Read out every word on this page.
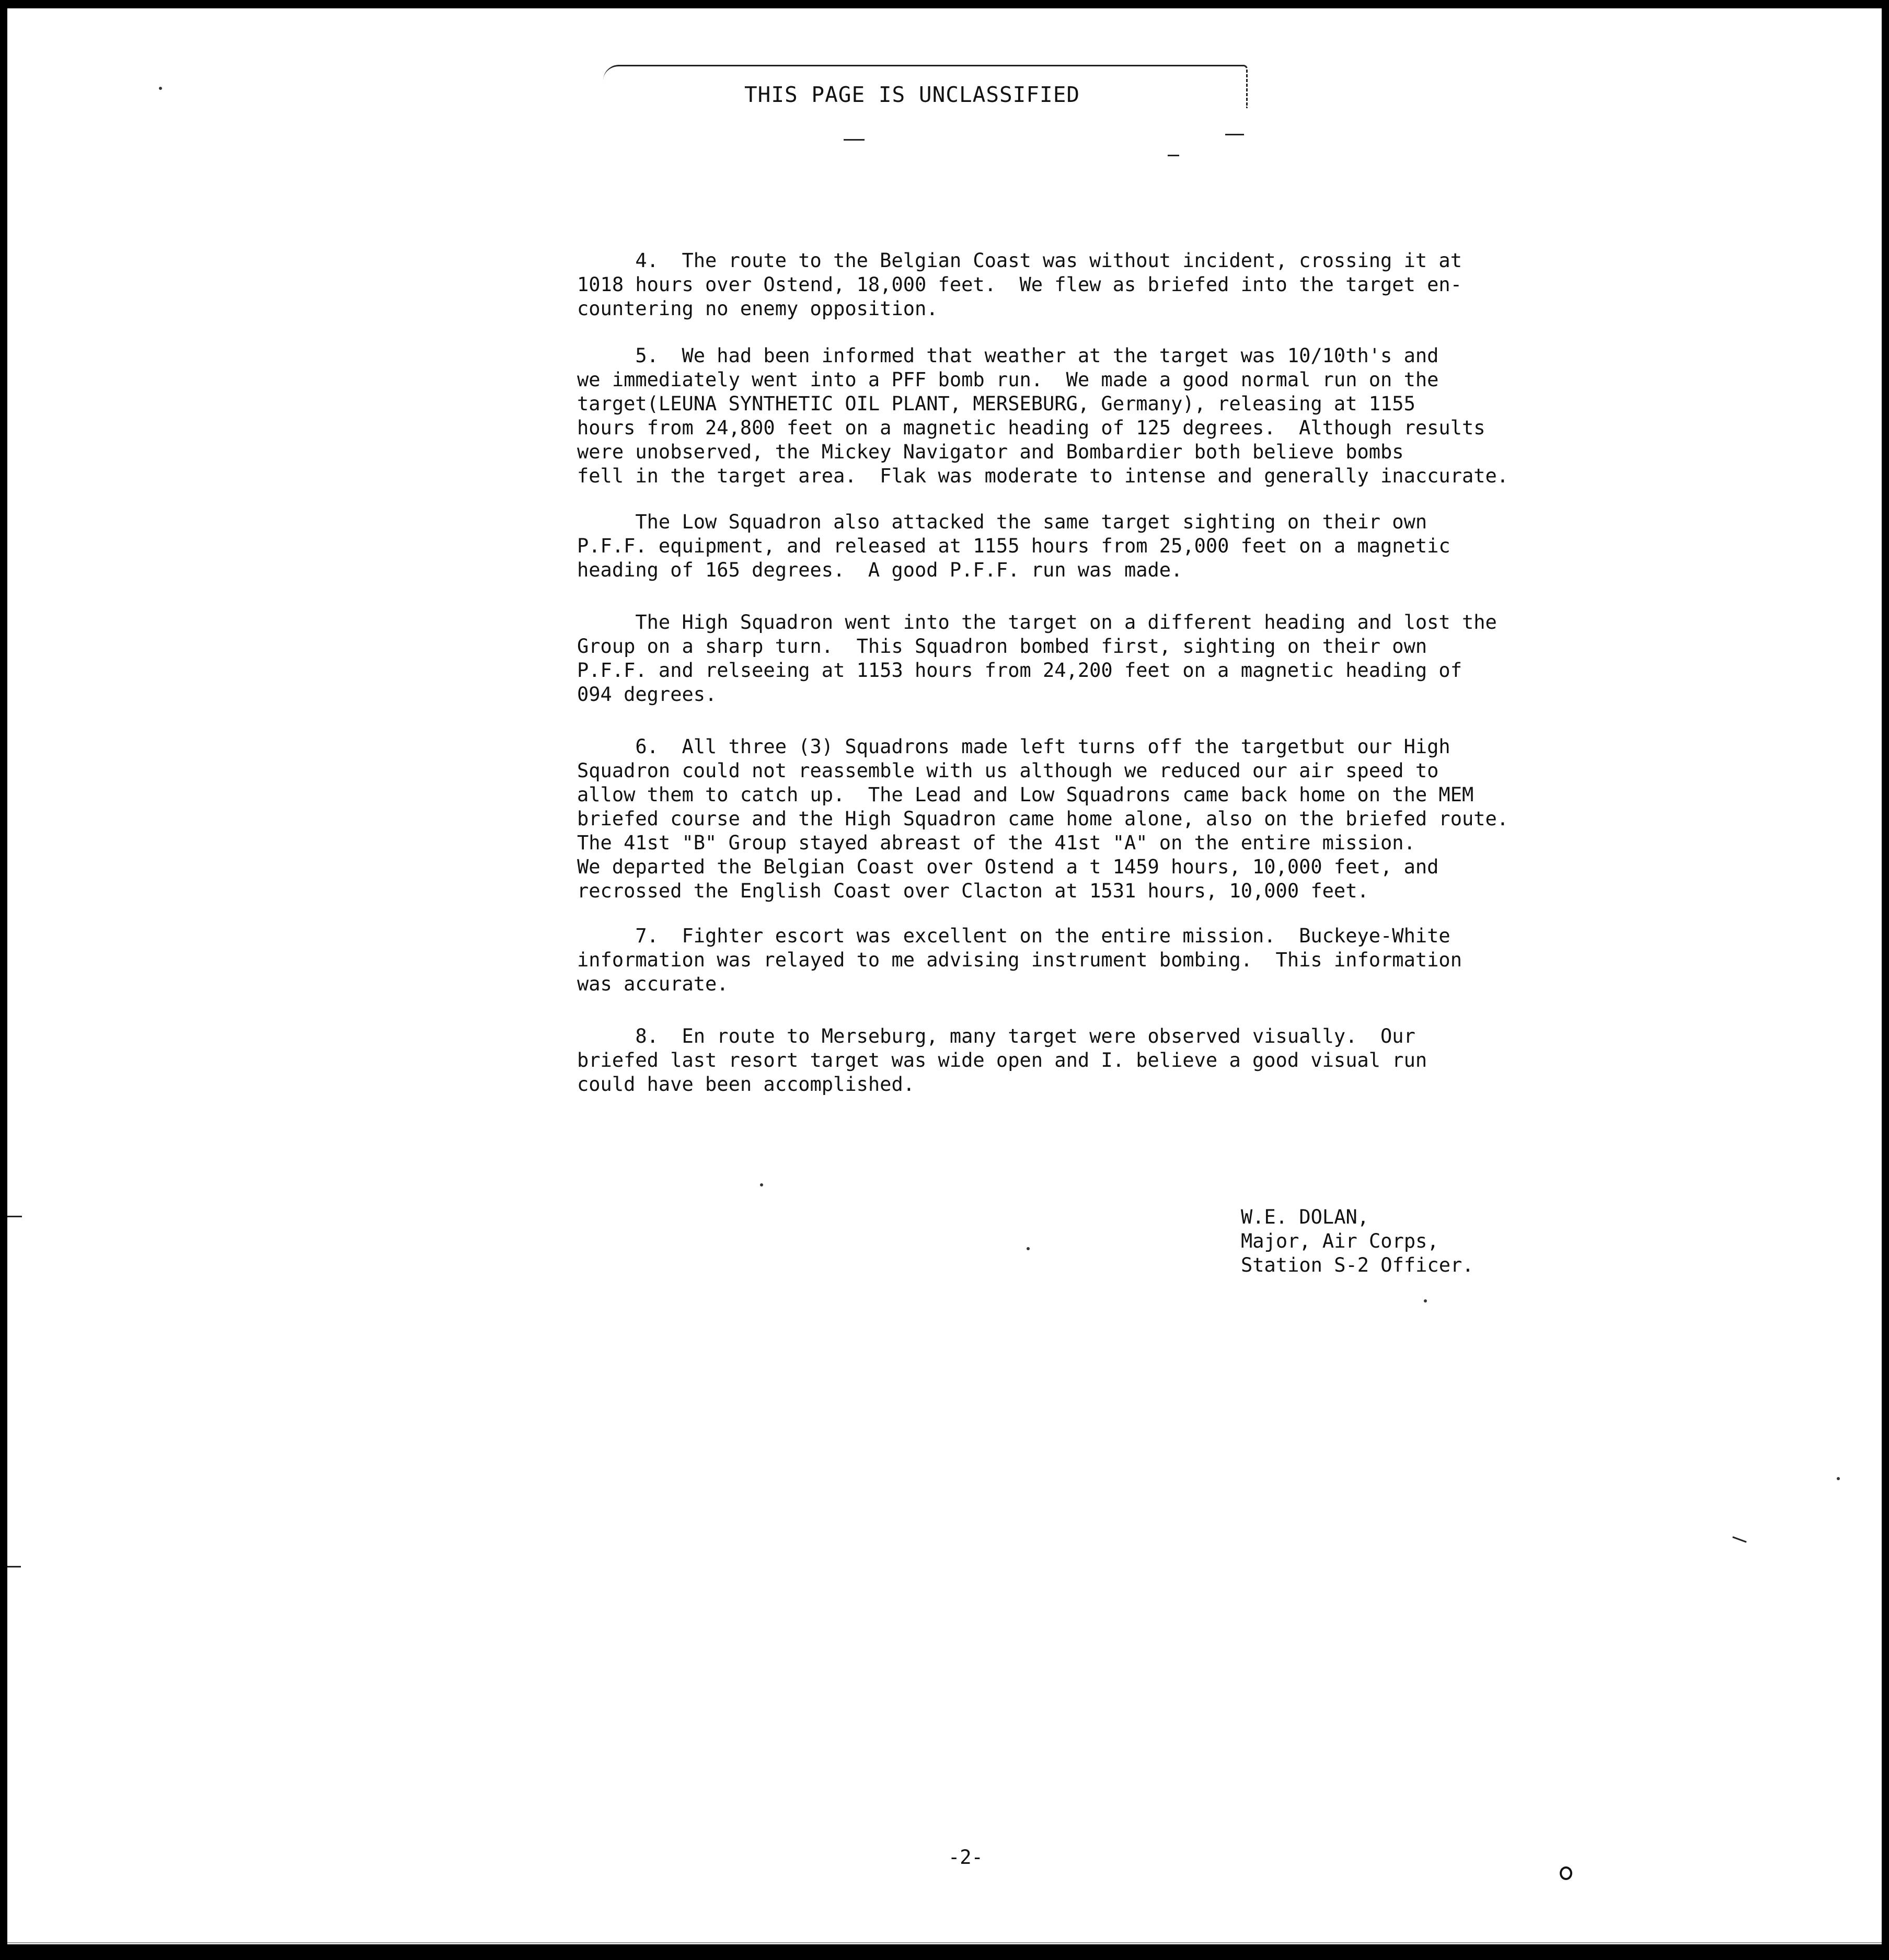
THIS PAGE IS UNCLASSIFIED
4.  The route to the Belgian Coast was without incident, crossing it at
1018 hours over Ostend, 18,000 feet.  We flew as briefed into the target en-
countering no enemy opposition.
5.  We had been informed that weather at the target was 10/10th's and
we immediately went into a PFF bomb run.  We made a good normal run on the
target(LEUNA SYNTHETIC OIL PLANT, MERSEBURG, Germany), releasing at 1155
hours from 24,800 feet on a magnetic heading of 125 degrees.  Although results
were unobserved, the Mickey Navigator and Bombardier both believe bombs
fell in the target area.  Flak was moderate to intense and generally inaccurate.
The Low Squadron also attacked the same target sighting on their own
P.F.F. equipment, and released at 1155 hours from 25,000 feet on a magnetic
heading of 165 degrees.  A good P.F.F. run was made.
The High Squadron went into the target on a different heading and lost the
Group on a sharp turn.  This Squadron bombed first, sighting on their own
P.F.F. and relseeing at 1153 hours from 24,200 feet on a magnetic heading of
094 degrees.
6.  All three (3) Squadrons made left turns off the targetbut our High
Squadron could not reassemble with us although we reduced our air speed to
allow them to catch up.  The Lead and Low Squadrons came back home on the MEM
briefed course and the High Squadron came home alone, also on the briefed route.
The 41st "B" Group stayed abreast of the 41st "A" on the entire mission.
We departed the Belgian Coast over Ostend a t 1459 hours, 10,000 feet, and
recrossed the English Coast over Clacton at 1531 hours, 10,000 feet.
7.  Fighter escort was excellent on the entire mission.  Buckeye-White
information was relayed to me advising instrument bombing.  This information
was accurate.
8.  En route to Merseburg, many target were observed visually.  Our
briefed last resort target was wide open and I. believe a good visual run
could have been accomplished.
W.E. DOLAN,
Major, Air Corps,
Station S-2 Officer.
-2-
